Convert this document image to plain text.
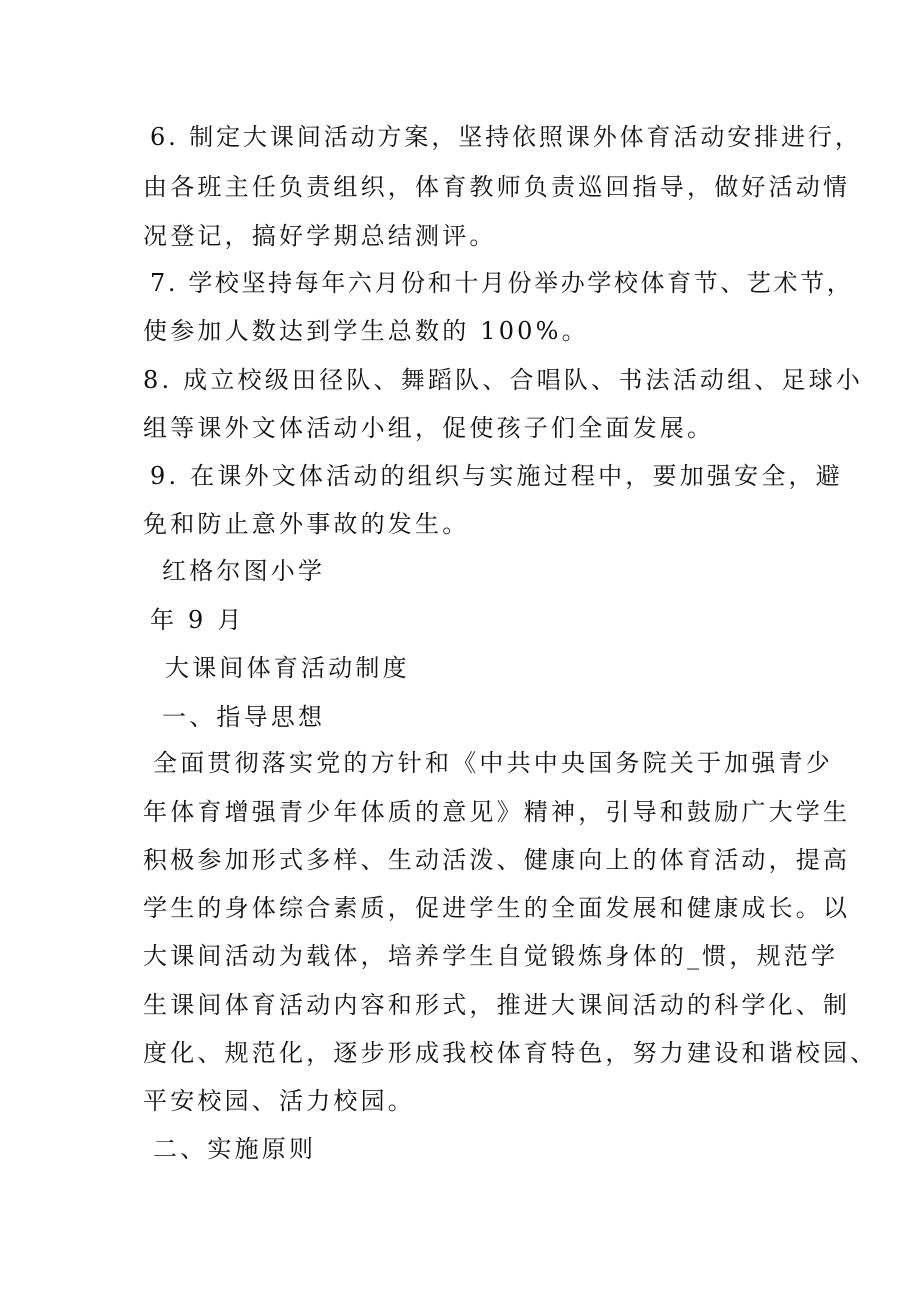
6. 制定大课间活动方案，坚持依照课外体育活动安排进行，
由各班主任负责组织，体育教师负责巡回指导，做好活动情
况登记，搞好学期总结测评。
7. 学校坚持每年六月份和十月份举办学校体育节、艺术节，
使参加人数达到学生总数的 100%。
8. 成立校级田径队、舞蹈队、合唱队、书法活动组、足球小
组等课外文体活动小组，促使孩子们全面发展。
9. 在课外文体活动的组织与实施过程中，要加强安全，避
免和防止意外事故的发生。
红格尔图小学
年 9 月
大课间体育活动制度
一、指导思想
全面贯彻落实党的方针和《中共中央国务院关于加强青少
年体育增强青少年体质的意见》精神，引导和鼓励广大学生
积极参加形式多样、生动活泼、健康向上的体育活动，提高
学生的身体综合素质，促进学生的全面发展和健康成长。以
大课间活动为载体，培养学生自觉锻炼身体的_惯，规范学
生课间体育活动内容和形式，推进大课间活动的科学化、制
度化、规范化，逐步形成我校体育特色，努力建设和谐校园、
平安校园、活力校园。
二、实施原则
